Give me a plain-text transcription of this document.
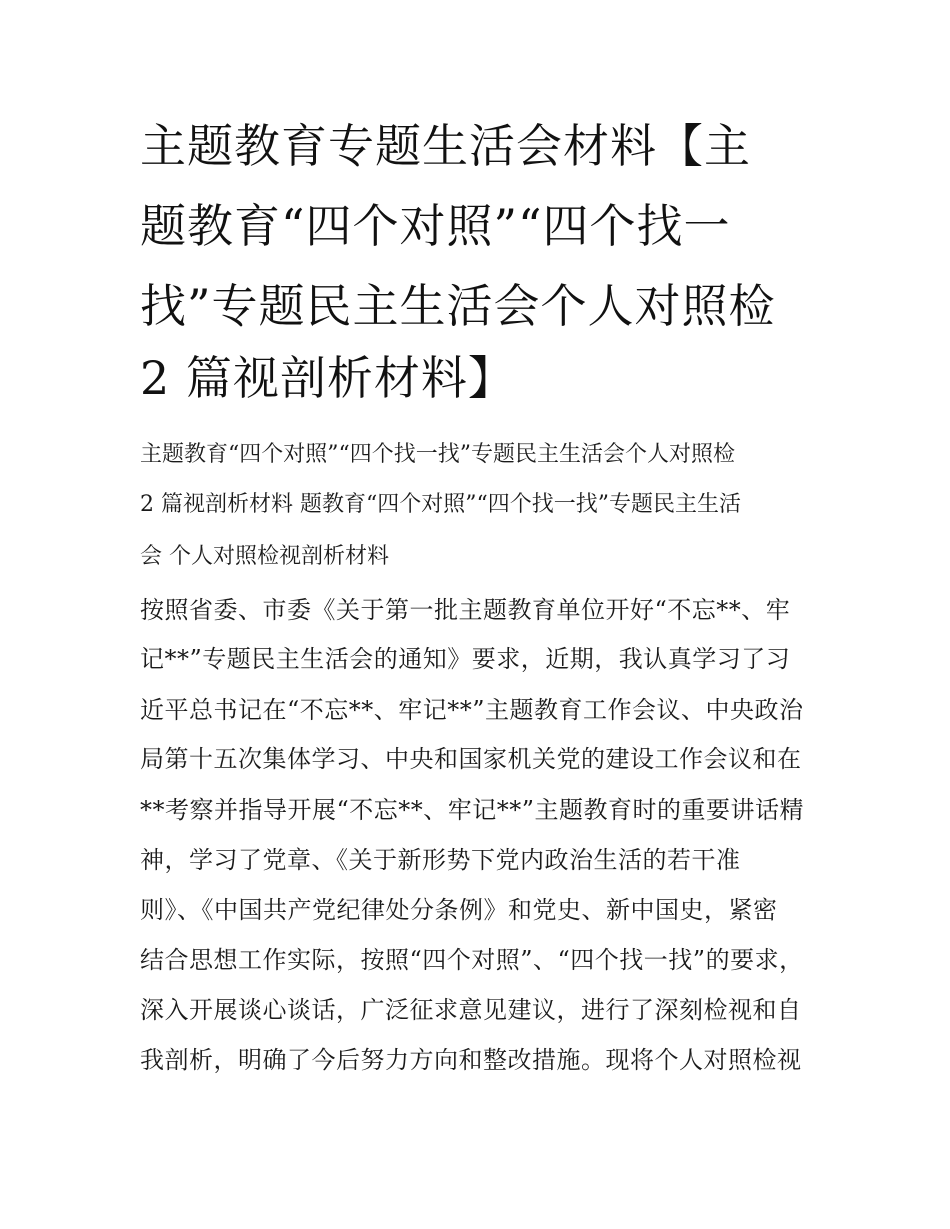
主题教育专题生活会材料【主
题教育“四个对照”“四个找一
找”专题民主生活会个人对照检
2 篇视剖析材料】
主题教育“四个对照”“四个找一找”专题民主生活会个人对照检
2 篇视剖析材料 题教育“四个对照”“四个找一找”专题民主生活
会 个人对照检视剖析材料
按照省委、市委《关于第一批主题教育单位开好“不忘**、牢
记**”专题民主生活会的通知》要求，近期，我认真学习了习
近平总书记在“不忘**、牢记**”主题教育工作会议、中央政治
局第十五次集体学习、中央和国家机关党的建设工作会议和在
**考察并指导开展“不忘**、牢记**”主题教育时的重要讲话精
神，学习了党章、《关于新形势下党内政治生活的若干准
则》、《中国共产党纪律处分条例》和党史、新中国史，紧密
结合思想工作实际，按照“四个对照”、“四个找一找”的要求，
深入开展谈心谈话，广泛征求意见建议，进行了深刻检视和自
我剖析，明确了今后努力方向和整改措施。现将个人对照检视
